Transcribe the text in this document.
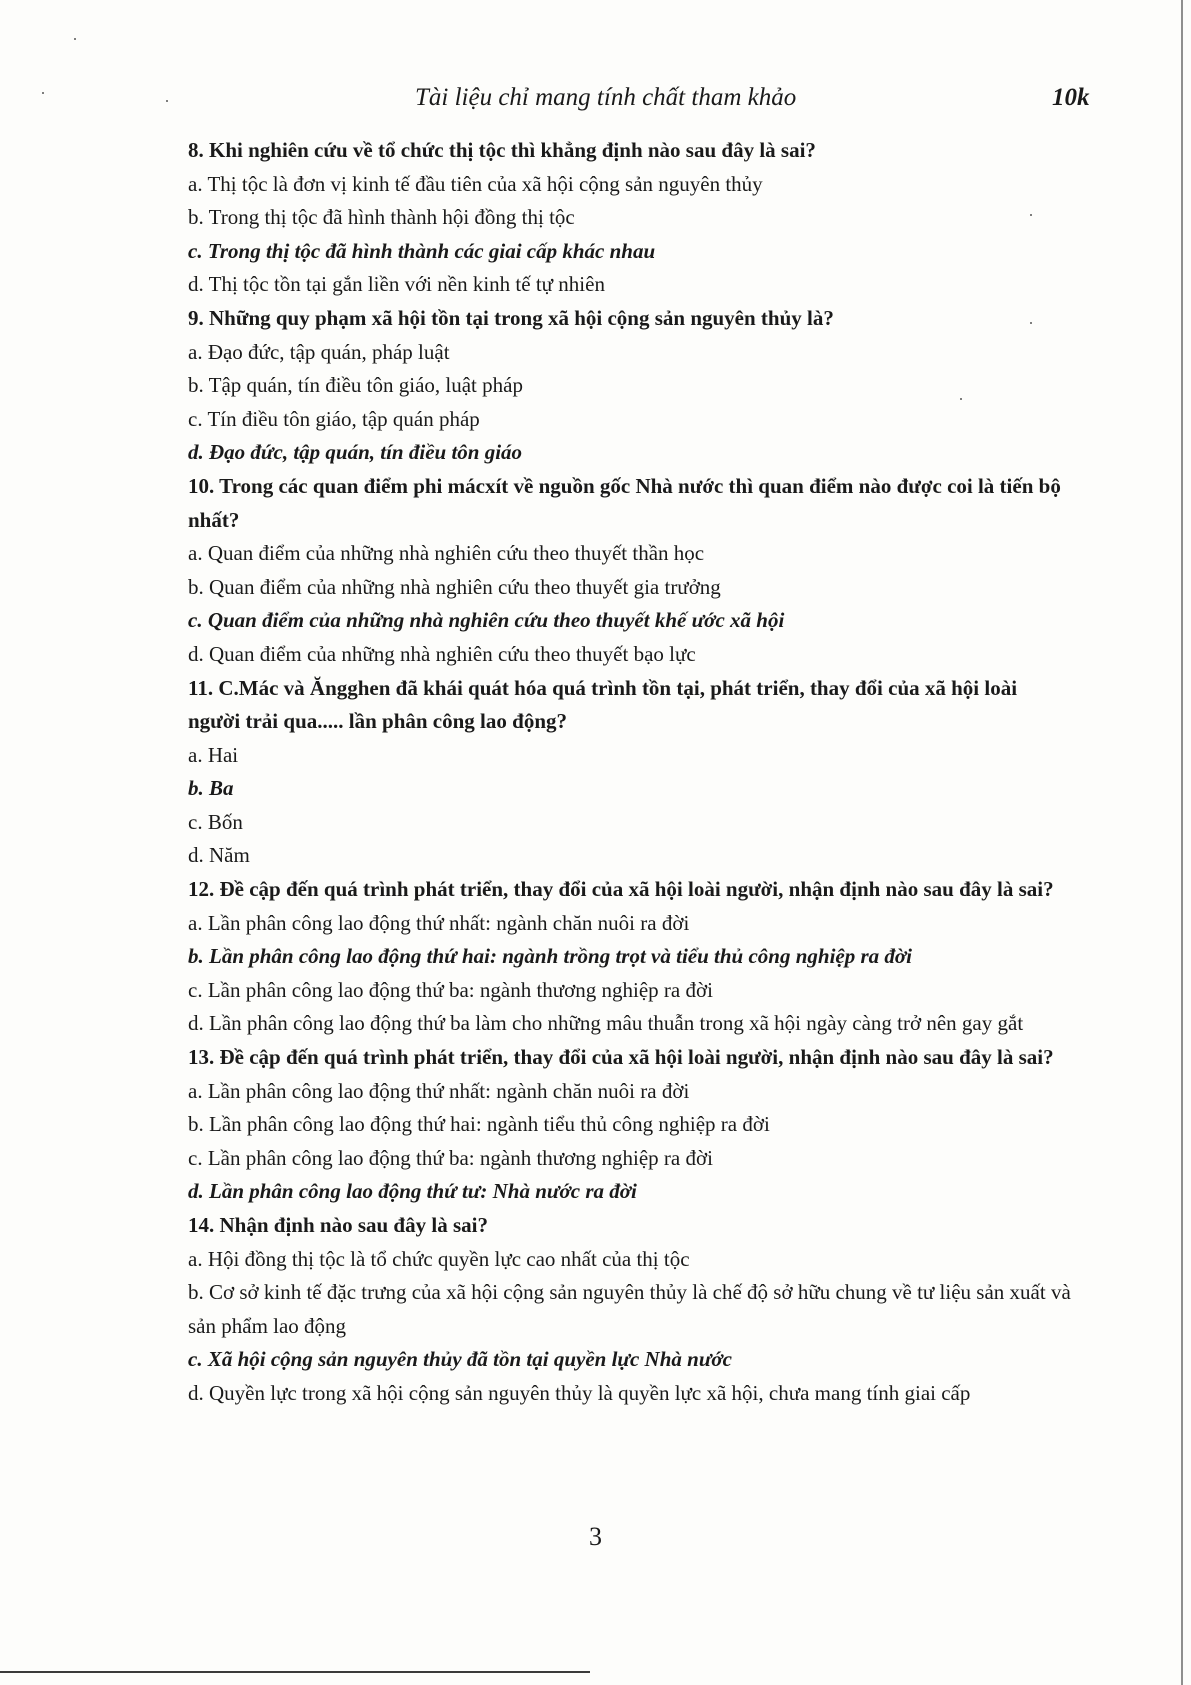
Tài liệu chỉ mang tính chất tham khảo	10k
8. Khi nghiên cứu về tổ chức thị tộc thì khẳng định nào sau đây là sai?
a. Thị tộc là đơn vị kinh tế đầu tiên của xã hội cộng sản nguyên thủy
b. Trong thị tộc đã hình thành hội đồng thị tộc
c. Trong thị tộc đã hình thành các giai cấp khác nhau
d. Thị tộc tồn tại gắn liền với nền kinh tế tự nhiên
9. Những quy phạm xã hội tồn tại trong xã hội cộng sản nguyên thủy là?
a. Đạo đức, tập quán, pháp luật
b. Tập quán, tín điều tôn giáo, luật pháp
c. Tín điều tôn giáo, tập quán pháp
d. Đạo đức, tập quán, tín điều tôn giáo
10. Trong các quan điểm phi mácxít về nguồn gốc Nhà nước thì quan điểm nào được coi là tiến bộ nhất?
a. Quan điểm của những nhà nghiên cứu theo thuyết thần học
b. Quan điểm của những nhà nghiên cứu theo thuyết gia trưởng
c. Quan điểm của những nhà nghiên cứu theo thuyết khế ước xã hội
d. Quan điểm của những nhà nghiên cứu theo thuyết bạo lực
11. C.Mác và Ăngghen đã khái quát hóa quá trình tồn tại, phát triển, thay đổi của xã hội loài người trải qua..... lần phân công lao động?
a. Hai
b. Ba
c. Bốn
d. Năm
12. Đề cập đến quá trình phát triển, thay đổi của xã hội loài người, nhận định nào sau đây là sai?
a. Lần phân công lao động thứ nhất: ngành chăn nuôi ra đời
b. Lần phân công lao động thứ hai: ngành trồng trọt và tiểu thủ công nghiệp ra đời
c. Lần phân công lao động thứ ba: ngành thương nghiệp ra đời
d. Lần phân công lao động thứ ba làm cho những mâu thuẫn trong xã hội ngày càng trở nên gay gắt
13. Đề cập đến quá trình phát triển, thay đổi của xã hội loài người, nhận định nào sau đây là sai?
a. Lần phân công lao động thứ nhất: ngành chăn nuôi ra đời
b. Lần phân công lao động thứ hai: ngành tiểu thủ công nghiệp ra đời
c. Lần phân công lao động thứ ba: ngành thương nghiệp ra đời
d. Lần phân công lao động thứ tư: Nhà nước ra đời
14. Nhận định nào sau đây là sai?
a. Hội đồng thị tộc là tổ chức quyền lực cao nhất của thị tộc
b. Cơ sở kinh tế đặc trưng của xã hội cộng sản nguyên thủy là chế độ sở hữu chung về tư liệu sản xuất và sản phẩm lao động
c. Xã hội cộng sản nguyên thủy đã tồn tại quyền lực Nhà nước
d. Quyền lực trong xã hội cộng sản nguyên thủy là quyền lực xã hội, chưa mang tính giai cấp
3
